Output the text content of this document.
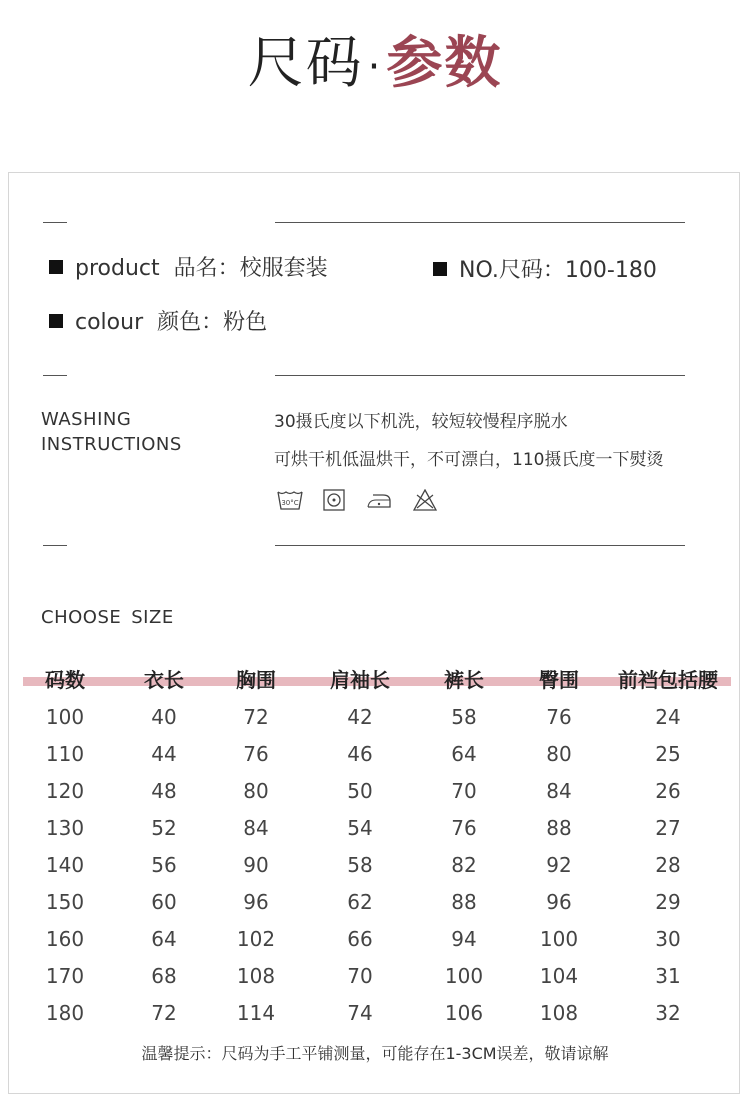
尺码 ·参数
product 品名：校服套装	NO.尺码：100-180
colour 颜色：粉色
WASHING
INSTRUCTIONS
30摄氏度以下机洗，较短较慢程序脱水
可烘干机低温烘干，不可漂白，110摄氏度一下熨烫
30°C
CHOOSE SIZE
码数	衣长	胸围	肩袖长	裤长	臀围	前裆包括腰
100	40	72	42	58	76	24
110	44	76	46	64	80	25
120	48	80	50	70	84	26
130	52	84	54	76	88	27
140	56	90	58	82	92	28
150	60	96	62	88	96	29
160	64	102	66	94	100	30
170	68	108	70	100	104	31
180	72	114	74	106	108	32
温馨提示：尺码为手工平铺测量，可能存在1-3CM误差，敬请谅解
